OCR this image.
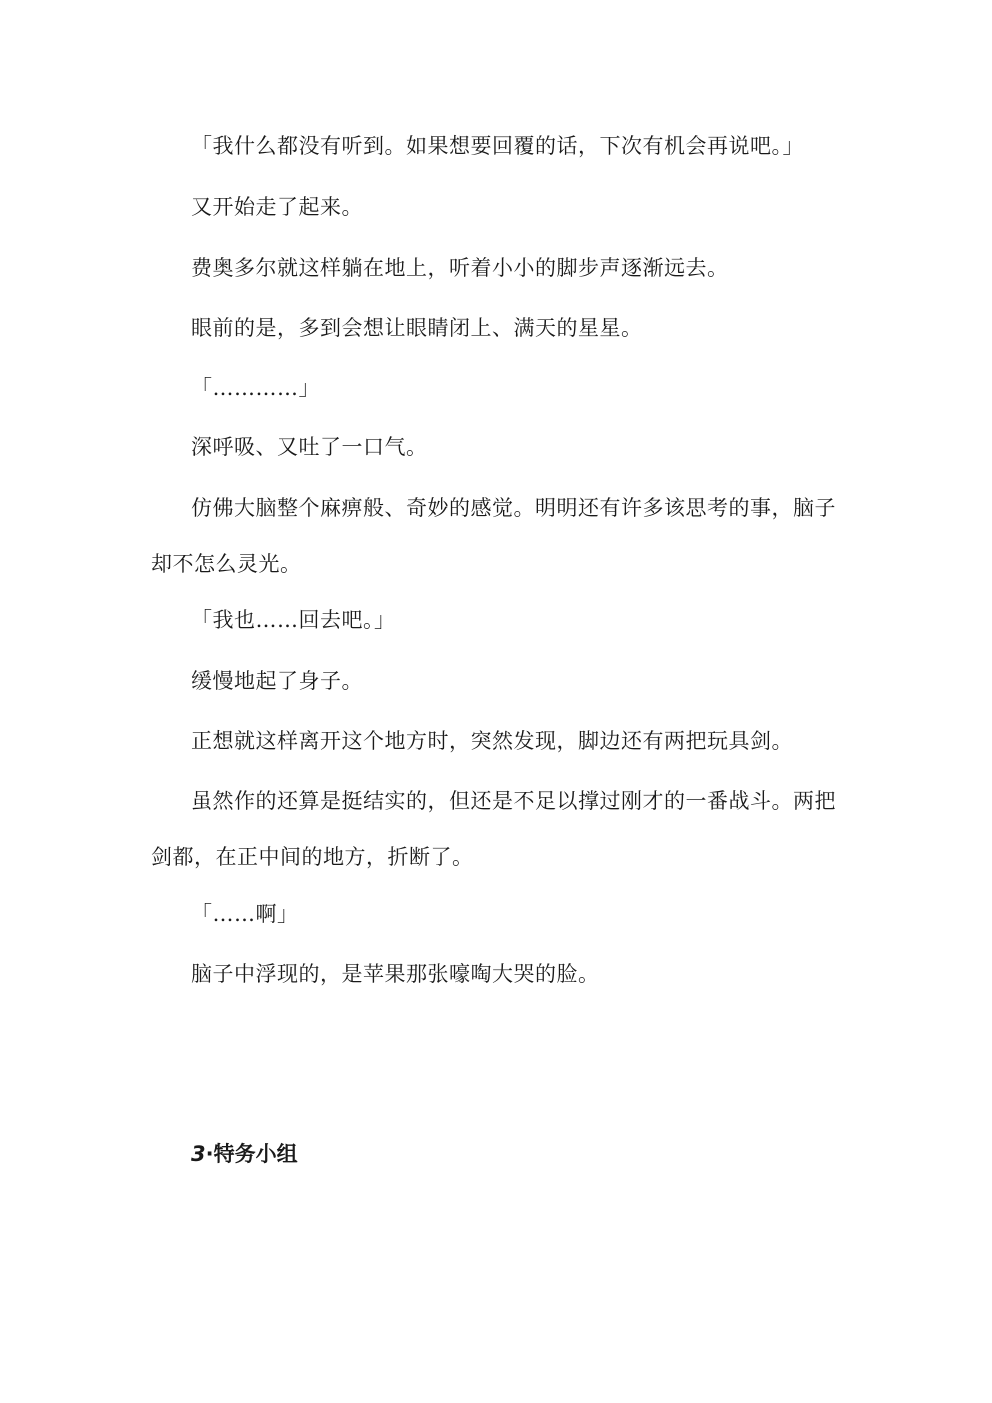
「我什么都没有听到。如果想要回覆的话，下次有机会再说吧。」

又开始走了起来。

费奥多尔就这样躺在地上，听着小小的脚步声逐渐远去。

眼前的是，多到会想让眼睛闭上、满天的星星。

「…………」

深呼吸、又吐了一口气。

仿佛大脑整个麻痹般、奇妙的感觉。明明还有许多该思考的事，脑子却不怎么灵光。

「我也……回去吧。」

缓慢地起了身子。

正想就这样离开这个地方时，突然发现，脚边还有两把玩具剑。

虽然作的还算是挺结实的，但还是不足以撑过刚才的一番战斗。两把剑都，在正中间的地方，折断了。

「……啊」

脑子中浮现的，是苹果那张嚎啕大哭的脸。

3·特务小组
